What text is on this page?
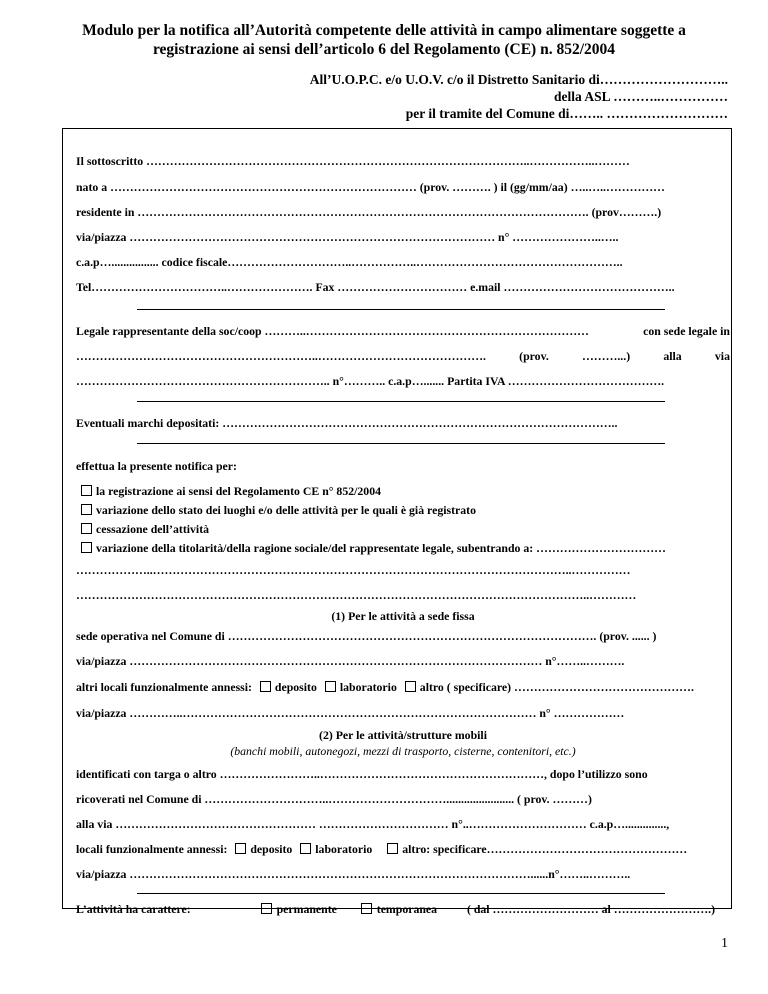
Modulo per la notifica all’Autorità competente delle attività in campo alimentare soggette a
registrazione ai sensi dell’articolo 6 del Regolamento (CE) n. 852/2004
All’U.O.P.C. e/o U.O.V. c/o il Distretto Sanitario di………………………..
della ASL ………..……………
per il tramite del Comune di…….. ………………………
Il sottoscritto ……………………………………………………………………………………..……………..………
nato a …………………………………………………………………… (prov. ………. ) il (gg/mm/aa) …..…..……………
residente in ……………………………………………………………………………………………………. (prov……….)
via/piazza ………………………………………………………………………………… n° …………………..…..
c.a.p…................ codice fiscale…………………………..……………..……………………………………………..
Tel……………………………..…………………. Fax …………………………… e.mail ……………………………………..
Legale rappresentante della soc/coop ………..………………………………………………………………	con sede legale in
……………………………………………………..…………………………………….	(prov.	………...)	alla	via
……………………………………………………….. n°……….. c.a.p…....... Partita IVA ………………………………….
Eventuali marchi depositati: ………………………………………………………………………………………..
effettua la presente notifica per:
la registrazione ai sensi del Regolamento CE n° 852/2004
variazione dello stato dei luoghi e/o delle attività per le quali è già registrato
cessazione dell’attività
variazione della titolarità/della ragione sociale/del rappresentate legale, subentrando a: ……………………………
………………..……………………………………………………………………………………………..……………
…………………………………………………………………………………………………………………..…………
(1) Per le attività a sede fissa
sede operativa nel Comune di …………………………………………………………………………………. (prov. ...... )
via/piazza …………………………………………………………………………………………… n°……..……….
altri locali funzionalmente annessi: deposito laboratorio altro ( specificare) ……………………………………….
via/piazza …………..……………………………………………………………………………… n° ………………
(2) Per le attività/strutture mobili
(banchi mobili, autonegozi, mezzi di trasporto, cisterne, contenitori, etc.)
identificati con targa o altro ……………………..…………………………………………………, dopo l’utilizzo sono
ricoverati nel Comune di …………………………..…………………………....................... ( prov. ………)
alla via …………………………………………… …………………………… n°..………………………… c.a.p…..............,
locali funzionalmente annessi: deposito laboratorio	altro: specificare……………………………………………
via/piazza …………………………………………………………………………………………......n°……..………..
L’attività ha carattere:	permanente	temporanea	( dal ……………………… al …………………….)
1
